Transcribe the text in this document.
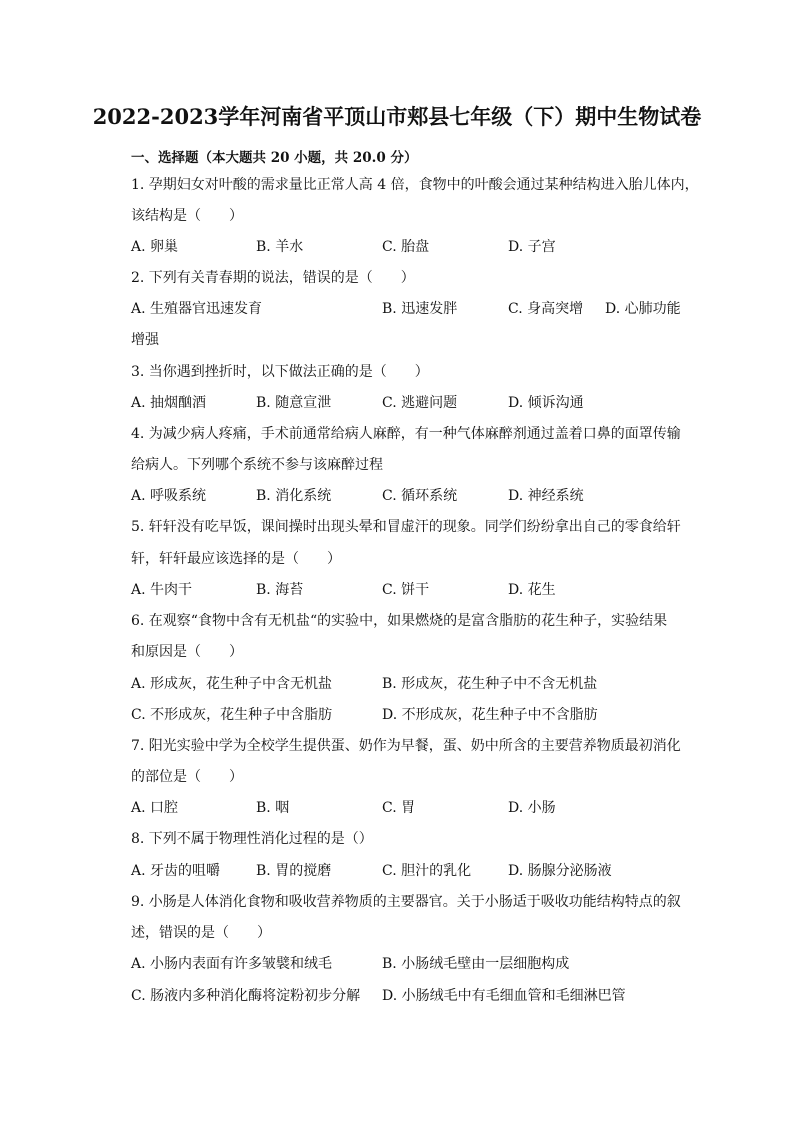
2022-2023学年河南省平顶山市郏县七年级（下）期中生物试卷
一、选择题（本大题共 20 小题，共 20.0 分）
1. 孕期妇女对叶酸的需求量比正常人高 4 倍，食物中的叶酸会通过某种结构进入胎儿体内，
该结构是（　　）
A. 卵巢	B. 羊水	C. 胎盘	D. 子宫
2. 下列有关青春期的说法，错误的是（　　）
A. 生殖器官迅速发育	B. 迅速发胖	C. 身高突增 D. 心肺功能
增强
3. 当你遇到挫折时，以下做法正确的是（　　）
A. 抽烟酗酒	B. 随意宣泄	C. 逃避问题	D. 倾诉沟通
4. 为减少病人疼痛，手术前通常给病人麻醉，有一种气体麻醉剂通过盖着口鼻的面罩传输
给病人。下列哪个系统不参与该麻醉过程
A. 呼吸系统	B. 消化系统	C. 循环系统	D. 神经系统
5. 轩轩没有吃早饭，课间操时出现头晕和冒虚汗的现象。同学们纷纷拿出自己的零食给轩
轩，轩轩最应该选择的是（　　）
A. 牛肉干	B. 海苔	C. 饼干	D. 花生
6. 在观察“食物中含有无机盐“的实验中，如果燃烧的是富含脂肪的花生种子，实验结果
和原因是（　　）
A. 形成灰，花生种子中含无机盐	B. 形成灰，花生种子中不含无机盐
C. 不形成灰，花生种子中含脂肪	D. 不形成灰，花生种子中不含脂肪
7. 阳光实验中学为全校学生提供蛋、奶作为早餐，蛋、奶中所含的主要营养物质最初消化
的部位是（　　）
A. 口腔	B. 咽	C. 胃	D. 小肠
8. 下列不属于物理性消化过程的是（）
A. 牙齿的咀嚼	B. 胃的搅磨	C. 胆汁的乳化	D. 肠腺分泌肠液
9. 小肠是人体消化食物和吸收营养物质的主要器官。关于小肠适于吸收功能结构特点的叙
述，错误的是（　　）
A. 小肠内表面有许多皱襞和绒毛	B. 小肠绒毛壁由一层细胞构成
C. 肠液内多种消化酶将淀粉初步分解 D. 小肠绒毛中有毛细血管和毛细淋巴管
